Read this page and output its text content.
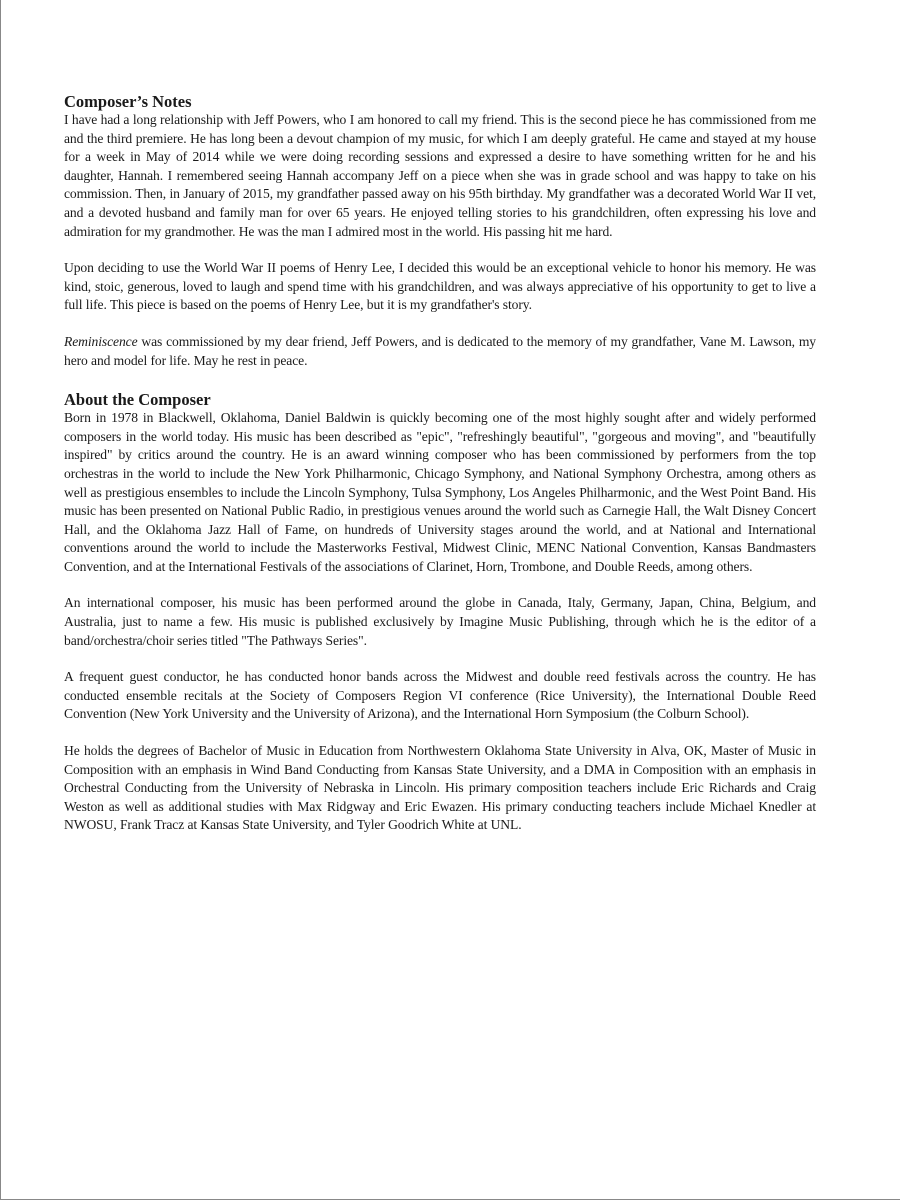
Composer’s Notes

I have had a long relationship with Jeff Powers, who I am honored to call my friend. This is the second piece he has commissioned from me and the third premiere. He has long been a devout champion of my music, for which I am deeply grateful. He came and stayed at my house for a week in May of 2014 while we were doing recording sessions and expressed a desire to have something written for he and his daughter, Hannah. I remembered seeing Hannah accompany Jeff on a piece when she was in grade school and was happy to take on his commission. Then, in January of 2015, my grandfather passed away on his 95th birthday. My grandfather was a decorated World War II vet, and a devoted husband and family man for over 65 years. He enjoyed telling stories to his grandchildren, often expressing his love and admiration for my grandmother. He was the man I admired most in the world. His passing hit me hard.

Upon deciding to use the World War II poems of Henry Lee, I decided this would be an exceptional vehicle to honor his memory. He was kind, stoic, generous, loved to laugh and spend time with his grandchildren, and was always appreciative of his opportunity to get to live a full life. This piece is based on the poems of Henry Lee, but it is my grandfather's story.

Reminiscence was commissioned by my dear friend, Jeff Powers, and is dedicated to the memory of my grandfather, Vane M. Lawson, my hero and model for life. May he rest in peace.

About the Composer

Born in 1978 in Blackwell, Oklahoma, Daniel Baldwin is quickly becoming one of the most highly sought after and widely performed composers in the world today. His music has been described as "epic", "refreshingly beautiful", "gorgeous and moving", and "beautifully inspired" by critics around the country. He is an award winning composer who has been commissioned by performers from the top orchestras in the world to include the New York Philharmonic, Chicago Symphony, and National Symphony Orchestra, among others as well as prestigious ensembles to include the Lincoln Symphony, Tulsa Symphony, Los Angeles Philharmonic, and the West Point Band. His music has been presented on National Public Radio, in prestigious venues around the world such as Carnegie Hall, the Walt Disney Concert Hall, and the Oklahoma Jazz Hall of Fame, on hundreds of University stages around the world, and at National and International conventions around the world to include the Masterworks Festival, Midwest Clinic, MENC National Convention, Kansas Bandmasters Convention, and at the International Festivals of the associations of Clarinet, Horn, Trombone, and Double Reeds, among others.

An international composer, his music has been performed around the globe in Canada, Italy, Germany, Japan, China, Belgium, and Australia, just to name a few. His music is published exclusively by Imagine Music Publishing, through which he is the editor of a band/orchestra/choir series titled "The Pathways Series".

A frequent guest conductor, he has conducted honor bands across the Midwest and double reed festivals across the country. He has conducted ensemble recitals at the Society of Composers Region VI conference (Rice University), the International Double Reed Convention (New York University and the University of Arizona), and the International Horn Symposium (the Colburn School).

He holds the degrees of Bachelor of Music in Education from Northwestern Oklahoma State University in Alva, OK, Master of Music in Composition with an emphasis in Wind Band Conducting from Kansas State University, and a DMA in Composition with an emphasis in Orchestral Conducting from the University of Nebraska in Lincoln. His primary composition teachers include Eric Richards and Craig Weston as well as additional studies with Max Ridgway and Eric Ewazen. His primary conducting teachers include Michael Knedler at NWOSU, Frank Tracz at Kansas State University, and Tyler Goodrich White at UNL.
